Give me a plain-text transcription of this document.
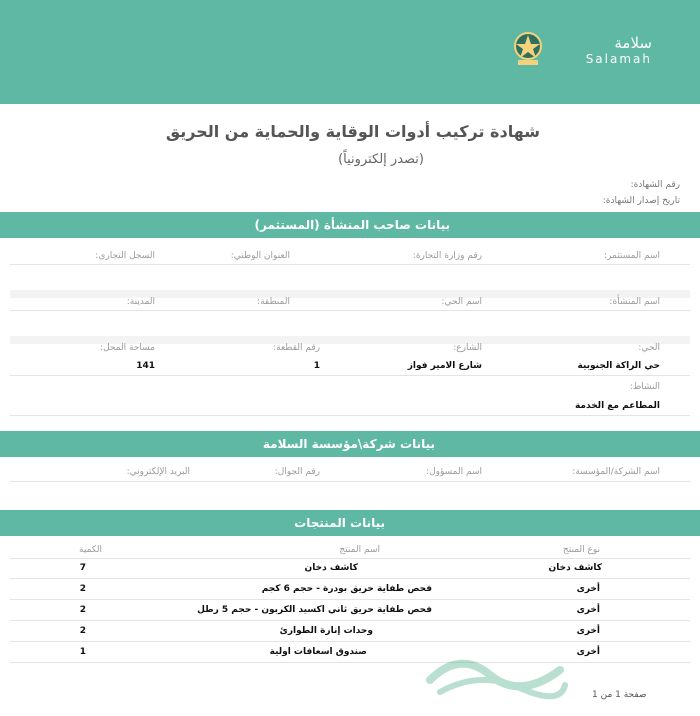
سلامة
Salamah
شهادة تركيب أدوات الوقاية والحماية من الحريق
(تصدر إلكترونياً)
رقم الشهادة:
تاريخ إصدار الشهادة:
بيانات صاحب المنشأة (المستثمر)
اسم المستثمر:
رقم وزارة التجارة:
العنوان الوطني:
السجل التجاري:
اسم المنشأة:
اسم الحي:
المنطقة:
المدينة:
الحي:
الشارع:
رقم القطعة:
مساحة المحل:
حي الراكة الجنوبية
شارع الامير فواز
1
141
النشاط:
المطاعم مع الخدمة
بيانات شركة\مؤسسة السلامة
اسم الشركة/المؤسسة:
اسم المسؤول:
رقم الجوال:
البريد الإلكتروني:
بيانات المنتجات
نوع المنتج
اسم المنتج
الكمية
كاشف دخان
كاشف دخان
7
أخرى
فحص طفاية حريق بودرة - حجم 6 كجم
2
أخرى
فحص طفاية حريق ثاني اكسيد الكربون - حجم 5 رطل
2
أخرى
وحدات إنارة الطوارئ
2
أخرى
صندوق اسعافات اولية
1
صفحة 1 من 1
